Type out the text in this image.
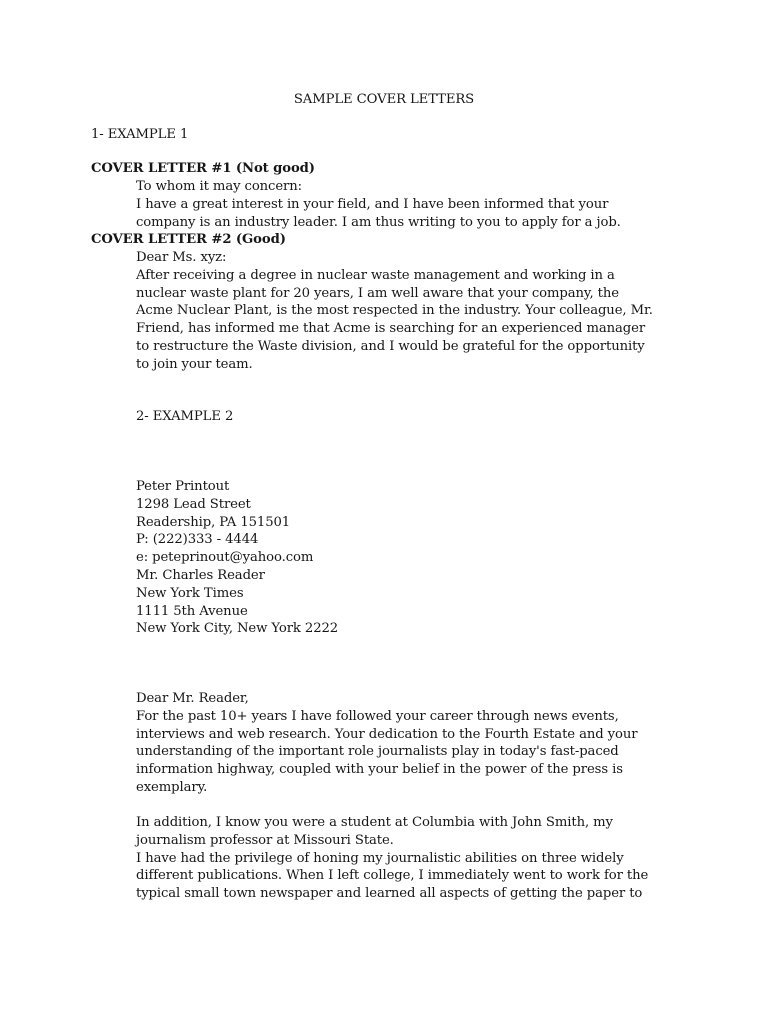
SAMPLE COVER LETTERS

1- EXAMPLE 1

COVER LETTER #1 (Not good)

To whom it may concern:

I have a great interest in your field, and I have been informed that your

company is an industry leader. I am thus writing to you to apply for a job.

COVER LETTER #2 (Good)

Dear Ms. xyz:

After receiving a degree in nuclear waste management and working in a

nuclear waste plant for 20 years, I am well aware that your company, the

Acme Nuclear Plant, is the most respected in the industry. Your colleague, Mr.

Friend, has informed me that Acme is searching for an experienced manager

to restructure the Waste division, and I would be grateful for the opportunity

to join your team.

2- EXAMPLE 2

Peter Printout

1298 Lead Street

Readership, PA 151501

P: (222)333 - 4444

e: peteprinout@yahoo.com

Mr. Charles Reader

New York Times

1111 5th Avenue

New York City, New York 2222

Dear Mr. Reader,

For the past 10+ years I have followed your career through news events,

interviews and web research. Your dedication to the Fourth Estate and your

understanding of the important role journalists play in today's fast-paced

information highway, coupled with your belief in the power of the press is

exemplary.

In addition, I know you were a student at Columbia with John Smith, my

journalism professor at Missouri State.

I have had the privilege of honing my journalistic abilities on three widely

different publications. When I left college, I immediately went to work for the

typical small town newspaper and learned all aspects of getting the paper to
